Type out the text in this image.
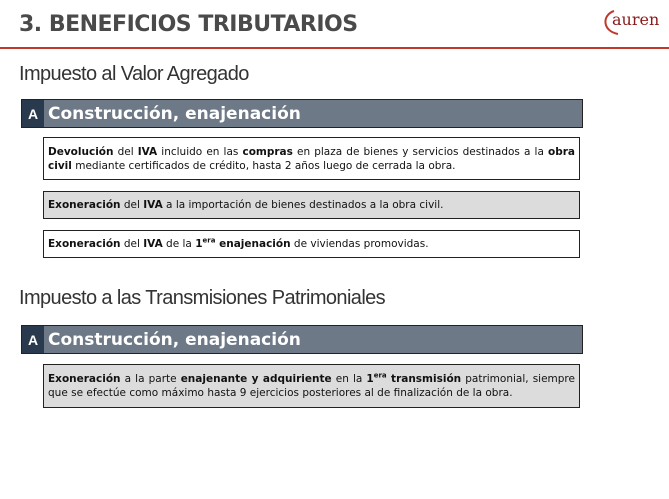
3. BENEFICIOS TRIBUTARIOS	auren
Impuesto al Valor Agregado
A Construcción, enajenación
Devolución del IVA incluido en las compras en plaza de bienes y servicios destinados a la obra civil mediante certificados de crédito, hasta 2 años luego de cerrada la obra.
Exoneración del IVA a la importación de bienes destinados a la obra civil.
Exoneración del IVA de la $1^{era}$ enajenación de viviendas promovidas.
Impuesto a las Transmisiones Patrimoniales
A Construcción, enajenación
Exoneración a la parte enajenante y adquiriente en la $1^{era}$ transmisión patrimonial, siempre que se efectúe como máximo hasta 9 ejercicios posteriores al de finalización de la obra.
